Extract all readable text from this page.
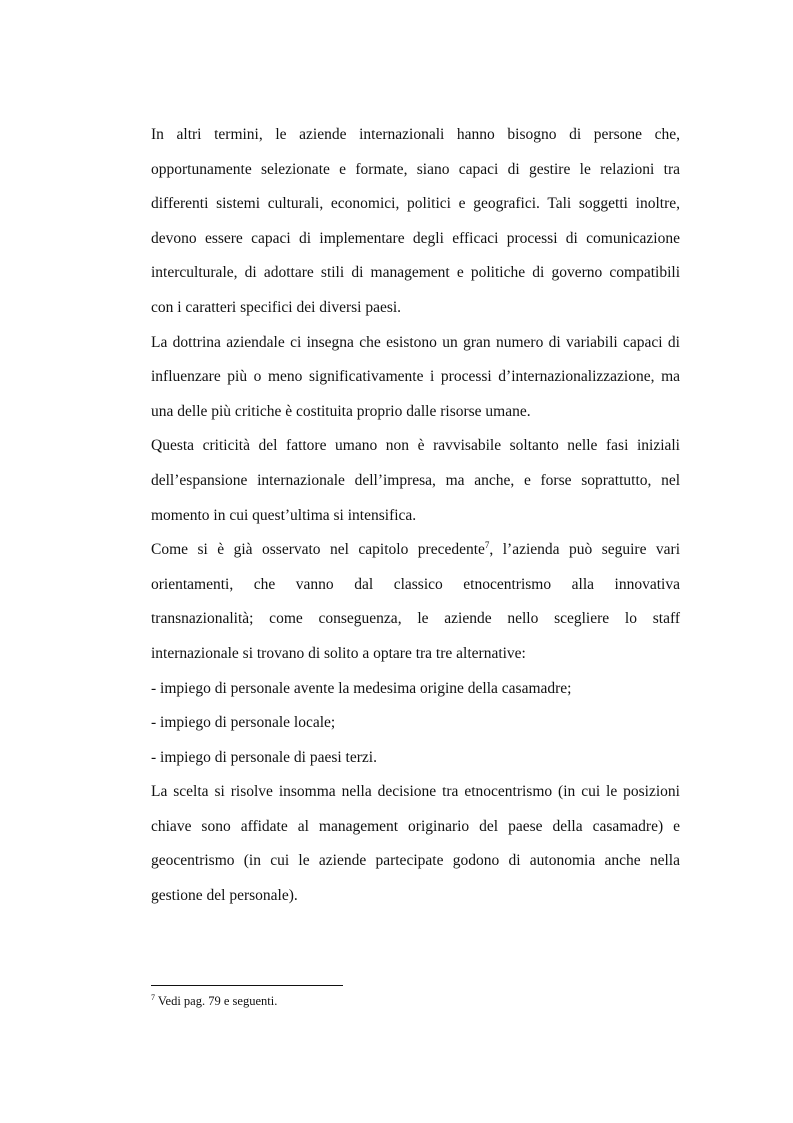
In altri termini, le aziende internazionali hanno bisogno di persone che,
opportunamente selezionate e formate, siano capaci di gestire le relazioni tra
differenti sistemi culturali, economici, politici e geografici. Tali soggetti inoltre,
devono essere capaci di implementare degli efficaci processi di comunicazione
interculturale, di adottare stili di management e politiche di governo compatibili
con i caratteri specifici dei diversi paesi.
La dottrina aziendale ci insegna che esistono un gran numero di variabili capaci di
influenzare più o meno significativamente i processi d’internazionalizzazione, ma
una delle più critiche è costituita proprio dalle risorse umane.
Questa criticità del fattore umano non è ravvisabile soltanto nelle fasi iniziali
dell’espansione internazionale dell’impresa, ma anche, e forse soprattutto, nel
momento in cui quest’ultima si intensifica.
Come si è già osservato nel capitolo precedente$^7$, l’azienda può seguire vari
orientamenti, che vanno dal classico etnocentrismo alla innovativa
transnazionalità; come conseguenza, le aziende nello scegliere lo staff
internazionale si trovano di solito a optare tra tre alternative:
- impiego di personale avente la medesima origine della casamadre;
- impiego di personale locale;
- impiego di personale di paesi terzi.
La scelta si risolve insomma nella decisione tra etnocentrismo (in cui le posizioni
chiave sono affidate al management originario del paese della casamadre) e
geocentrismo (in cui le aziende partecipate godono di autonomia anche nella
gestione del personale).
$^7$ Vedi pag. 79 e seguenti.
